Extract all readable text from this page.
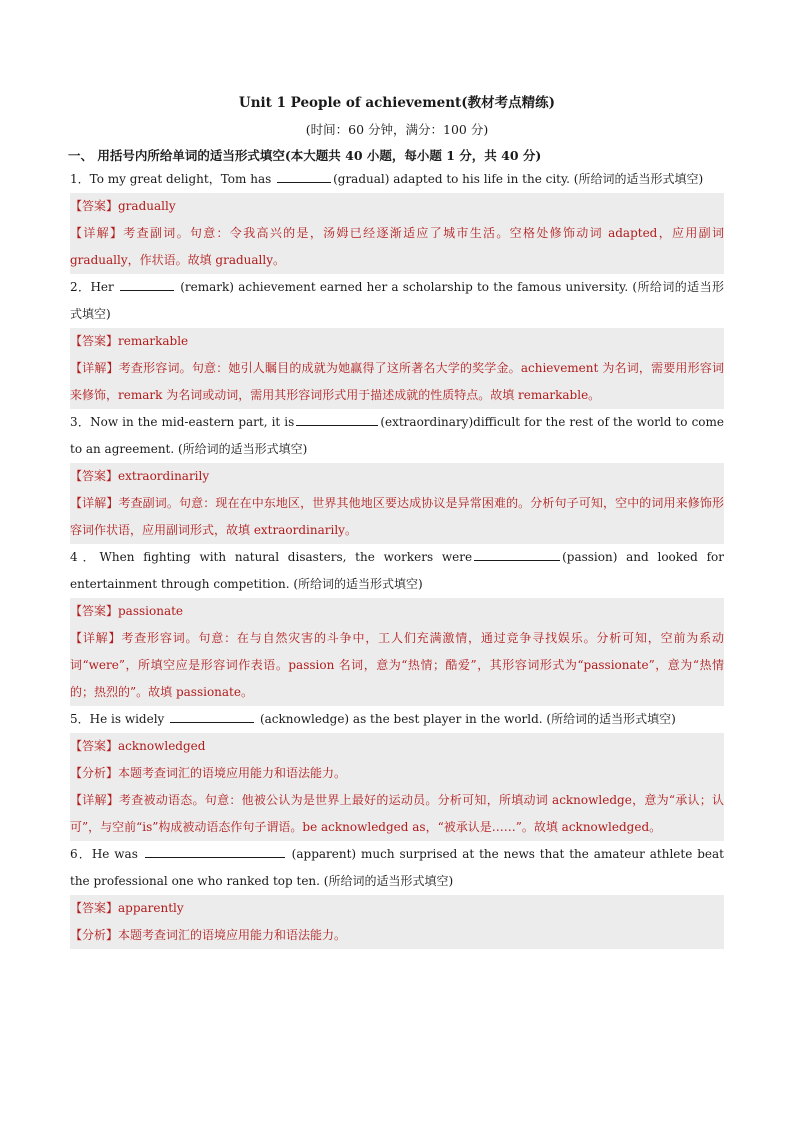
Unit 1 People of achievement(教材考点精练)
(时间：60 分钟，满分：100 分)
一、 用括号内所给单词的适当形式填空(本大题共 40 小题，每小题 1 分，共 40 分)
1．To my great delight，Tom has	(gradual) adapted to his life in the city. (所给词的适当形式填空)
【答案】gradually
【详解】考查副词。句意：令我高兴的是，汤姆已经逐渐适应了城市生活。空格处修饰动词 adapted，应用副词 gradually，作状语。故填 gradually。
2．Her	(remark) achievement earned her a scholarship to the famous university. (所给词的适当形式填空)
【答案】remarkable
【详解】考查形容词。句意：她引人瞩目的成就为她赢得了这所著名大学的奖学金。achievement 为名词，需要用形容词来修饰，remark 为名词或动词，需用其形容词形式用于描述成就的性质特点。故填 remarkable。
3．Now in the mid-eastern part, it is	(extraordinary)difficult for the rest of the world to come to an agreement. (所给词的适当形式填空)
【答案】extraordinarily
【详解】考查副词。句意：现在在中东地区，世界其他地区要达成协议是异常困难的。分析句子可知，空中的词用来修饰形容词作状语，应用副词形式，故填 extraordinarily。
4．When fighting with natural disasters, the workers were	(passion) and looked for entertainment through competition. (所给词的适当形式填空)
【答案】passionate
【详解】考查形容词。句意：在与自然灾害的斗争中，工人们充满激情，通过竞争寻找娱乐。分析可知，空前为系动词“were”，所填空应是形容词作表语。passion 名词，意为“热情；酷爱”，其形容词形式为“passionate”，意为“热情的；热烈的”。故填 passionate。
5．He is widely	(acknowledge) as the best player in the world. (所给词的适当形式填空)
【答案】acknowledged
【分析】本题考查词汇的语境应用能力和语法能力。
【详解】考查被动语态。句意：他被公认为是世界上最好的运动员。分析可知，所填动词 acknowledge，意为“承认；认可”，与空前“is”构成被动语态作句子谓语。be acknowledged as，“被承认是……”。故填 acknowledged。
6．He was	(apparent) much surprised at the news that the amateur athlete beat the professional one who ranked top ten. (所给词的适当形式填空)
【答案】apparently
【分析】本题考查词汇的语境应用能力和语法能力。
